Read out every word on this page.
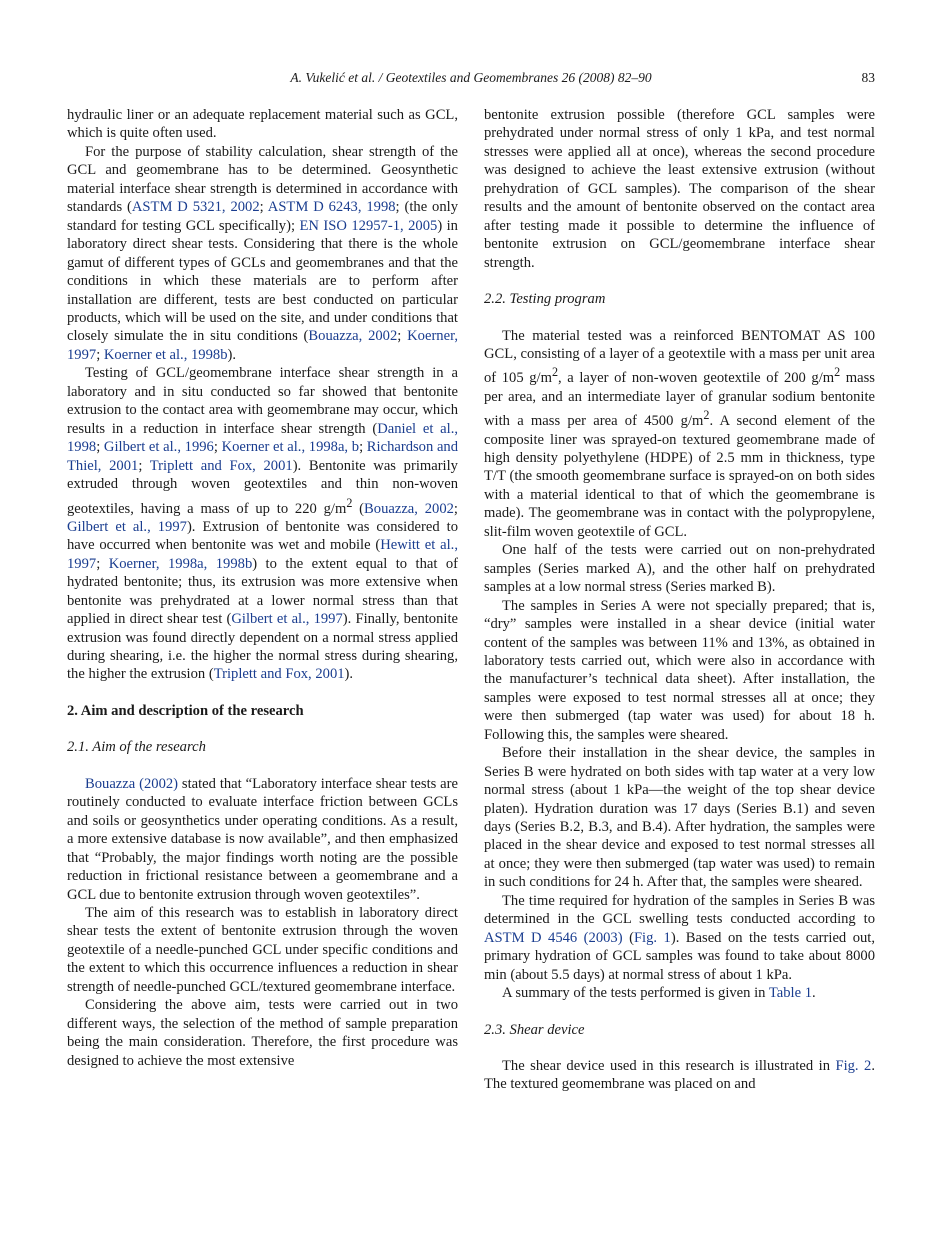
A. Vukelić et al. / Geotextiles and Geomembranes 26 (2008) 82–90	83

hydraulic liner or an adequate replacement material such as GCL, which is quite often used.

For the purpose of stability calculation, shear strength of the GCL and geomembrane has to be determined. Geosynthetic material interface shear strength is determined in accordance with standards (ASTM D 5321, 2002; ASTM D 6243, 1998; (the only standard for testing GCL specifically); EN ISO 12957-1, 2005) in laboratory direct shear tests. Considering that there is the whole gamut of different types of GCLs and geomembranes and that the conditions in which these materials are to perform after installation are different, tests are best conducted on particular products, which will be used on the site, and under conditions that closely simulate the in situ conditions (Bouazza, 2002; Koerner, 1997; Koerner et al., 1998b).

Testing of GCL/geomembrane interface shear strength in a laboratory and in situ conducted so far showed that bentonite extrusion to the contact area with geomembrane may occur, which results in a reduction in interface shear strength (Daniel et al., 1998; Gilbert et al., 1996; Koerner et al., 1998a, b; Richardson and Thiel, 2001; Triplett and Fox, 2001). Bentonite was primarily extruded through woven geotextiles and thin non-woven geotextiles, having a mass of up to 220 $g/m^2$ (Bouazza, 2002; Gilbert et al., 1997). Extrusion of bentonite was considered to have occurred when bentonite was wet and mobile (Hewitt et al., 1997; Koerner, 1998a, 1998b) to the extent equal to that of hydrated bentonite; thus, its extrusion was more extensive when bentonite was prehydrated at a lower normal stress than that applied in direct shear test (Gilbert et al., 1997). Finally, bentonite extrusion was found directly dependent on a normal stress applied during shearing, i.e. the higher the normal stress during shearing, the higher the extrusion (Triplett and Fox, 2001).

2. Aim and description of the research
2.1. Aim of the research

Bouazza (2002) stated that “Laboratory interface shear tests are routinely conducted to evaluate interface friction between GCLs and soils or geosynthetics under operating conditions. As a result, a more extensive database is now available”, and then emphasized that “Probably, the major findings worth noting are the possible reduction in frictional resistance between a geomembrane and a GCL due to bentonite extrusion through woven geotextiles”.

The aim of this research was to establish in laboratory direct shear tests the extent of bentonite extrusion through the woven geotextile of a needle-punched GCL under specific conditions and the extent to which this occurrence influences a reduction in shear strength of needle-punched GCL/textured geomembrane interface.

Considering the above aim, tests were carried out in two different ways, the selection of the method of sample preparation being the main consideration. Therefore, the first procedure was designed to achieve the most extensive

bentonite extrusion possible (therefore GCL samples were prehydrated under normal stress of only 1 kPa, and test normal stresses were applied all at once), whereas the second procedure was designed to achieve the least extensive extrusion (without prehydration of GCL samples). The comparison of the shear results and the amount of bentonite observed on the contact area after testing made it possible to determine the influence of bentonite extrusion on GCL/geomembrane interface shear strength.

2.2. Testing program

The material tested was a reinforced BENTOMAT AS 100 GCL, consisting of a layer of a geotextile with a mass per unit area of 105 $g/m^2$, a layer of non-woven geotextile of 200 $g/m^2$ mass per area, and an intermediate layer of granular sodium bentonite with a mass per area of 4500 $g/m^2$. A second element of the composite liner was sprayed-on textured geomembrane made of high density polyethylene (HDPE) of 2.5 mm in thickness, type T/T (the smooth geomembrane surface is sprayed-on on both sides with a material identical to that of which the geomembrane is made). The geomembrane was in contact with the polypropylene, slit-film woven geotextile of GCL.

One half of the tests were carried out on non-prehydrated samples (Series marked A), and the other half on prehydrated samples at a low normal stress (Series marked B).

The samples in Series A were not specially prepared; that is, “dry” samples were installed in a shear device (initial water content of the samples was between 11% and 13%, as obtained in laboratory tests carried out, which were also in accordance with the manufacturer’s technical data sheet). After installation, the samples were exposed to test normal stresses all at once; they were then submerged (tap water was used) for about 18 h. Following this, the samples were sheared.

Before their installation in the shear device, the samples in Series B were hydrated on both sides with tap water at a very low normal stress (about 1 kPa—the weight of the top shear device platen). Hydration duration was 17 days (Series B.1) and seven days (Series B.2, B.3, and B.4). After hydration, the samples were placed in the shear device and exposed to test normal stresses all at once; they were then submerged (tap water was used) to remain in such conditions for 24 h. After that, the samples were sheared.

The time required for hydration of the samples in Series B was determined in the GCL swelling tests conducted according to ASTM D 4546 (2003) (Fig. 1). Based on the tests carried out, primary hydration of GCL samples was found to take about 8000 min (about 5.5 days) at normal stress of about 1 kPa.

A summary of the tests performed is given in Table 1.

2.3. Shear device

The shear device used in this research is illustrated in Fig. 2. The textured geomembrane was placed on and
